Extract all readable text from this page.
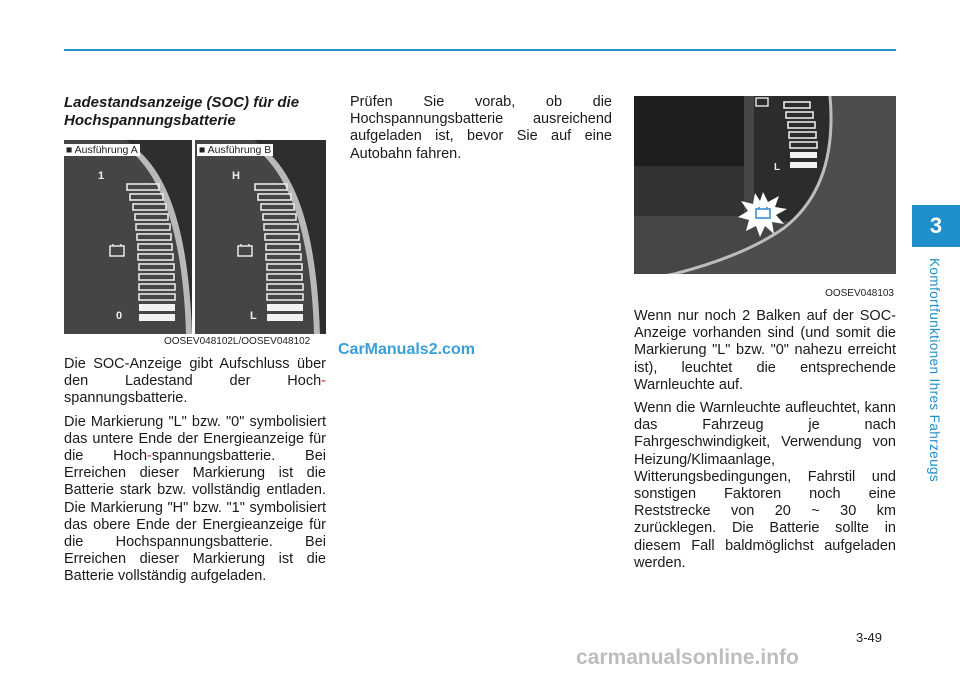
3
Komfortfunktionen Ihres Fahrzeugs
Ladestandsanzeige (SOC) für die Hochspannungsbatterie
■ Ausführung A	■ Ausführung B
1
0
H
L
OOSEV048102L/OOSEV048102

Die SOC-Anzeige gibt Aufschluss über den Ladestand der Hoch-spannungsbatterie.

Die Markierung "L" bzw. "0" symbolisiert das untere Ende der Energieanzeige für die Hoch-spannungsbatterie. Bei Erreichen dieser Markierung ist die Batterie stark bzw. vollständig entladen. Die Markierung "H" bzw. "1" symbolisiert das obere Ende der Energieanzeige für die Hochspannungsbatterie. Bei Erreichen dieser Markierung ist die Batterie vollständig aufgeladen.

Prüfen Sie vorab, ob die Hochspannungsbatterie ausreichend aufgeladen ist, bevor Sie auf eine Autobahn fahren.

L
OOSEV048103

Wenn nur noch 2 Balken auf der SOC-Anzeige vorhanden sind (und somit die Markierung "L" bzw. "0" nahezu erreicht ist), leuchtet die entsprechende Warnleuchte auf.

Wenn die Warnleuchte aufleuchtet, kann das Fahrzeug je nach Fahrgeschwindigkeit, Verwendung von Heizung/Klimaanlage, Witterungsbedingungen, Fahrstil und sonstigen Faktoren noch eine Reststrecke von 20 ~ 30 km zurücklegen. Die Batterie sollte in diesem Fall baldmöglichst aufgeladen werden.

CarManuals2.com
3-49
carmanualsonline.info
